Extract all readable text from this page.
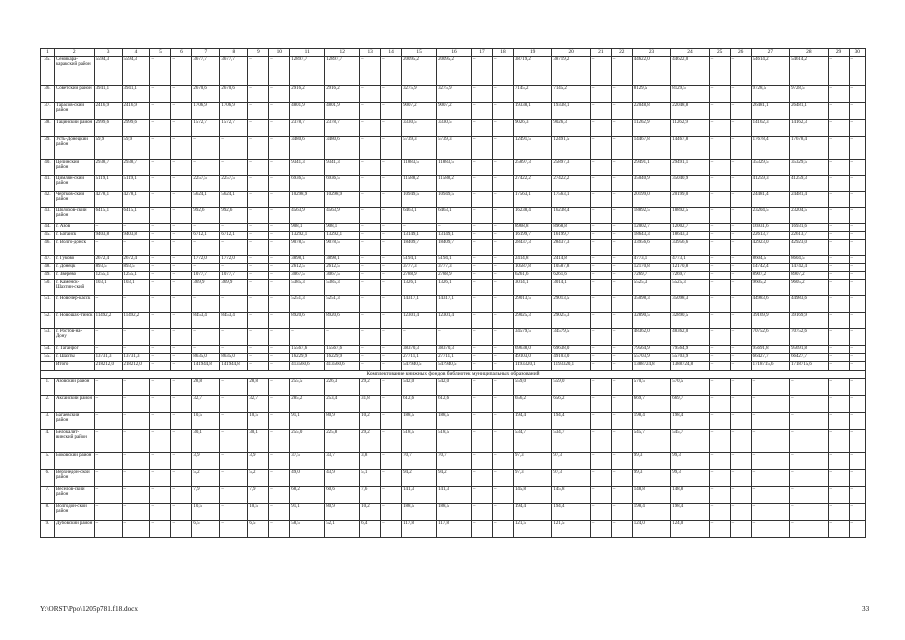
1	2	3	4	5	6	7	8	9	10	11	12	13	14	15	16	17	18	19	20	21	22	23	24	25	26	27	28	29	30
35.	Семикара-каракский район	5594,3	5594,3	–	–	3677,7	3677,7	–	–	12897,7	12897,7	–	–	20095,2	20095,2	–	–	38719,2	38719,2	–	–	44622,0	44622,0	–	–	54614,2	54614,2	–	–
36.	Советский район	3941,1	3941,1	–	–	2670,6	2670,6	–	–	2916,2	2916,2	–	–	3275,9	3275,9	–	–	7145,2	7145,2	–	–	8129,5	8129,5	–	–	9728,5	9728,5	–	–
37.	Тарасов-ский район	2416,9	2416,9	–	–	1706,9	1706,9	–	–	4801,9	4801,9	–	–	9007,2	9007,2	–	–	19338,1	19338,1	–	–	22048,8	22048,8	–	–	26481,1	26481,1	–	–
38.	Тацинский район	2999,6	2999,6	–	–	1572,7	1572,7	–	–	2378,7	2378,7	–	–	3330,5	3330,5	–	–	9026,3	9026,3	–	–	11262,9	11262,9	–	–	14162,3	14162,3	–	–
39.	Усть-Донецкий район	59,9	59,9	–	–	–	–	–	–	3480,6	3480,6	–	–	5739,3	5739,3	–	–	12491,5	12491,5	–	–	14467,8	14467,8	–	–	17678,4	17678,4	–	–
40.	Целинский район	2938,7	2938,7	–	–	–	–	–	–	9341,3	9341,3	–	–	11883,5	11883,5	–	–	25897,3	25897,3	–	–	29491,1	29491,1	–	–	35329,5	35329,5	–	–
41.	Цимлян-ский район	5119,1	5119,1	–	–	2257,5	2257,5	–	–	6936,5	6936,5	–	–	11588,2	11588,2	–	–	27422,2	27422,2	–	–	35040,9	35040,9	–	–	41259,3	41259,3	–	–
42.	Чертков-ский район	4278,1	4278,1	–	–	5624,1	5624,1	–	–	10298,9	10298,9	–	–	10949,5	10949,5	–	–	17563,1	17563,1	–	–	20199,0	20199,0	–	–	24481,4	24481,4	–	–
43.	Шолохов-ский район	6415,1	6415,1	–	–	992,6	992,6	–	–	4563,9	4563,9	–	–	6463,1	6463,1	–	–	16238,4	16238,4	–	–	18892,5	18892,5	–	–	23204,5	23204,5	–	–
44.	г. Азов	–	–	–	–	–	–	–	–	908,1	908,1	–	–	–	–	–	–	8968,8	8968,8	–	–	12002,7	12002,7	–	–	16931,6	16931,6	–	–
45.	г. Батайск	9403,8	9403,8	–	–	6712,1	6712,1	–	–	13292,1	13292,1	–	–	13149,1	13149,1	–	–	16199,7	16199,7	–	–	18643,3	18643,3	–	–	22613,7	22613,7	–	–
46.	г. Волго-донск	–	–	–	–	–	–	–	–	9078,5	9078,5	–	–	18409,7	18409,7	–	–	28437,3	28437,3	–	–	33956,6	33956,6	–	–	42923,0	42923,0	–	–
47.	г. Гуково	2672,4	2672,4	–	–	1772,0	1772,0	–	–	3898,1	3898,1	–	–	5194,1	5194,1	–	–	2414,8	2414,8	–	–	4773,1	4773,1	–	–	8604,5	8604,5	–	–
48.	г. Донецк	893,5	893,5	–	–	–	–	–	–	2612,5	2612,5	–	–	3777,3	3777,3	–	–	10587,8	10587,8	–	–	12170,8	12170,8	–	–	14742,4	14742,4	–	–
49.	г. Зверево	1255,1	1255,1	–	–	1077,7	1077,7	–	–	3067,5	3067,5	–	–	2788,9	2788,9	–	–	6261,6	6261,6	–	–	7269,7	7269,7	–	–	8907,2	8907,2	–	–
50.	г. Каменск-Шахтин-ский	103,1	103,1	–	–	369,9	369,9	–	–	5385,3	5385,3	–	–	1326,1	1326,1	–	–	3014,1	3014,1	–	–	5525,3	5525,3	–	–	9605,2	9605,2	–	–
51.	г. Новочер-касск	–	–	–	–	–	–	–	–	5251,3	5251,3	–	–	14317,1	14317,1	–	–	29013,5	29013,5	–	–	35098,3	35098,3	–	–	44983,6	44983,6	–	–
52.	г. Новошах-тинск	11492,2	11492,2	–	–	8453,4	8453,4	–	–	8920,6	8920,6	–	–	12301,4	12301,4	–	–	29025,3	29025,3	–	–	32890,5	32890,5	–	–	39169,9	39169,9	–	–
53.	г. Ростов-на-Дону	–	–	–	–	–	–	–	–	–	–	–	–	–	–	–	–	34579,5	34579,5	–	–	48362,0	48362,0	–	–	70752,6	70752,6	–	–
54.	г. Таганрог	–	–	–	–	–	–	–	–	15567,6	15567,6	–	–	38370,3	38370,3	–	–	69638,0	69638,0	–	–	79564,9	79564,9	–	–	95691,8	95691,8	–	–
55.	г. Шахты	13731,3	13731,3	–	–	8635,0	8635,0	–	–	16229,9	16229,9	–	–	27711,1	27711,1	–	–	49103,0	49103,0	–	–	55703,9	55703,9	–	–	66427,7	66427,7	–	–
	Итого	218212,0	218212,0	–	–	141944,8	141944,8	–	–	413560,6	413560,6	–	–	547940,5	547940,5	–	–	1193320,1	1193320,1	–	–	1388724,8	1388724,8	–	–	1718715,6	1718715,6	–	–
Комплектование книжных фондов библиотек муниципальных образований																													
1.	Азовский район	–	–	–	–	28,8	–	28,8	–	255,5	226,3	29,2	–	542,0	542,0	–	–	559,0	559,0	–	–	570,5	570,5	–	–	–	–	–	–
2.	Аксайский район	–	–	–	–	32,7	–	32,7	–	285,2	253,4	31,8	–	612,6	612,6	–	–	656,2	656,2	–	–	669,7	669,7	–	–	–	–	–	–
3.	Багаевский район	–	–	–	–	10,5	–	10,5	–	91,1	80,9	10,2	–	188,5	188,5	–	–	194,4	194,4	–	–	198,4	198,4	–	–	–	–	–	–
4.	Белокалит-винский район	–	–	–	–	30,1	–	30,1	–	255,0	225,8	29,2	–	518,5	518,5	–	–	534,7	534,7	–	–	545,7	545,7	–	–	–	–	–	–
5.	Боковский район	–	–	–	–	3,9	–	3,9	–	37,5	33,7	3,8	–	70,7	70,7	–	–	97,3	97,3	–	–	99,3	99,3	–	–	–	–	–	–
6.	Верхнедон-ской район	–	–	–	–	5,2	–	5,2	–	49,0	43,9	5,1	–	94,2	94,2	–	–	97,3	97,3	–	–	99,3	99,3	–	–	–	–	–	–
7.	Веселов-ский район	–	–	–	–	7,9	–	7,9	–	68,2	60,6	7,6	–	141,3	141,3	–	–	145,8	145,8	–	–	148,8	148,8	–	–	–	–	–	–
8.	Волгодон-ской район	–	–	–	–	10,5	–	10,5	–	91,1	80,9	10,2	–	188,5	188,5	–	–	194,4	194,4	–	–	198,4	198,4	–	–	–	–	–	–
9.	Дубовский район	–	–	–	–	6,5	–	6,5	–	58,5	52,1	6,4	–	117,8	117,8	–	–	121,5	121,5	–	–	124,0	124,0	–	–	–	–	–	–
Y:\ORST\Ppo\1205p781.f18.docx	33
